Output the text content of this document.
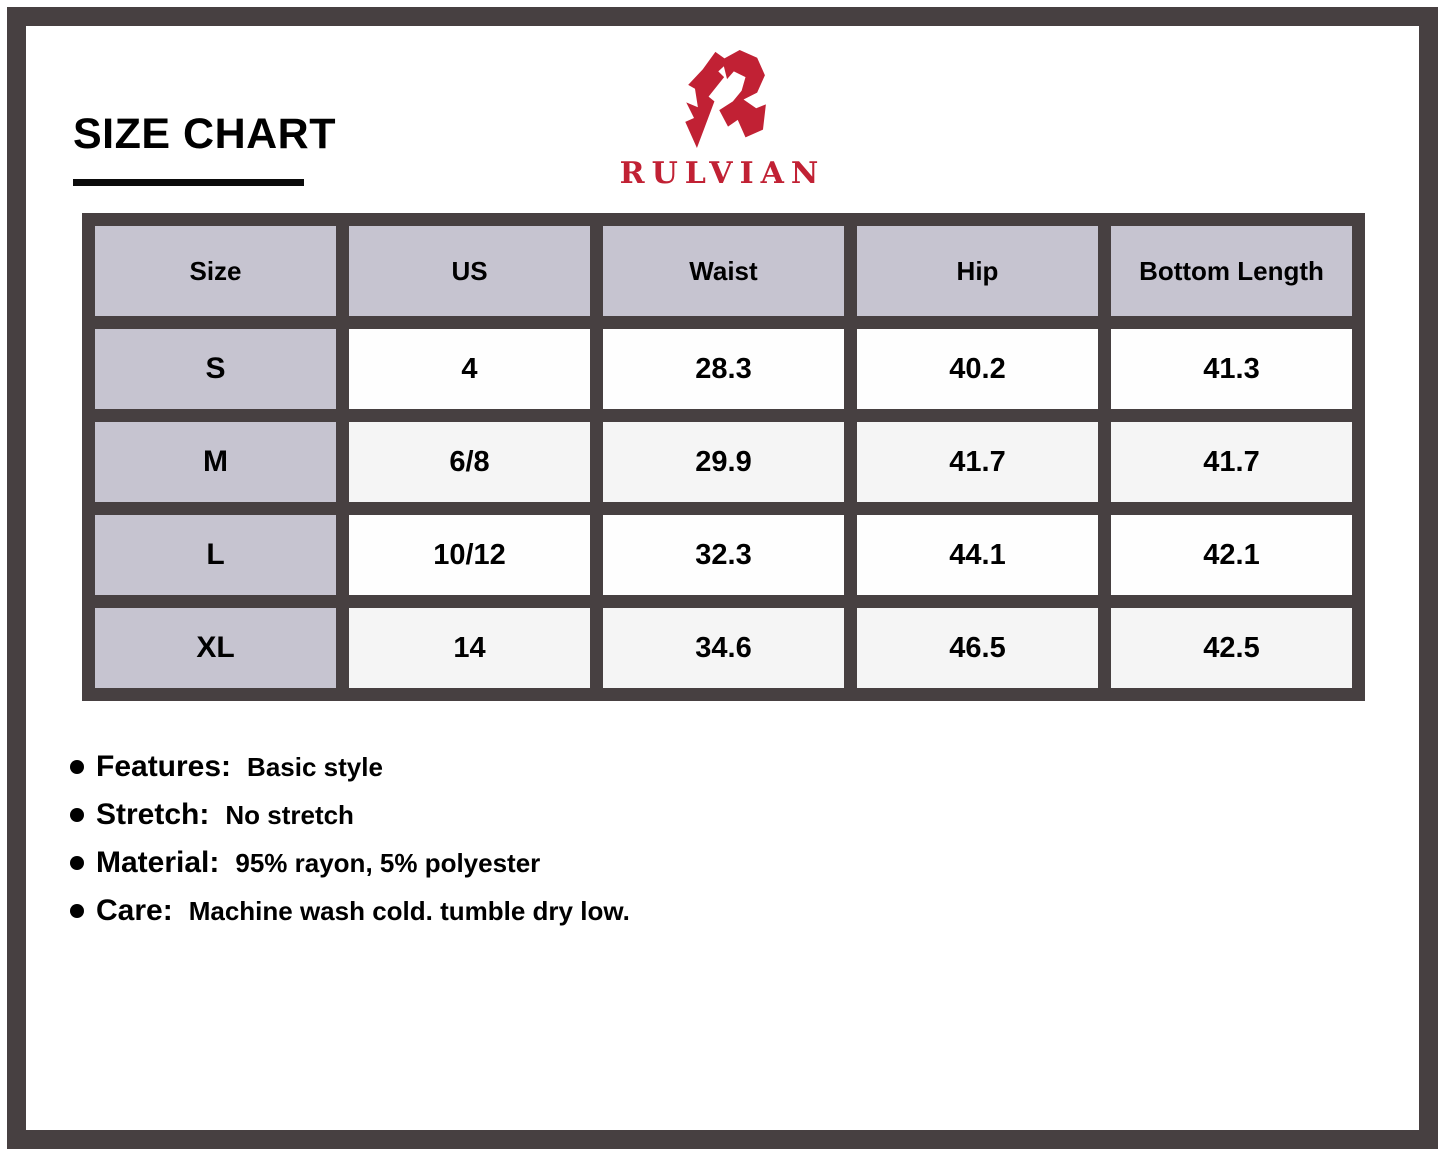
SIZE CHART
RULVIAN
Size	US	Waist	Hip	Bottom Length
S	4	28.3	40.2	41.3
M	6/8	29.9	41.7	41.7
L	10/12	32.3	44.1	42.1
XL	14	34.6	46.5	42.5
Features: Basic style
Stretch: No stretch
Material: 95% rayon, 5% polyester
Care: Machine wash cold. tumble dry low.
